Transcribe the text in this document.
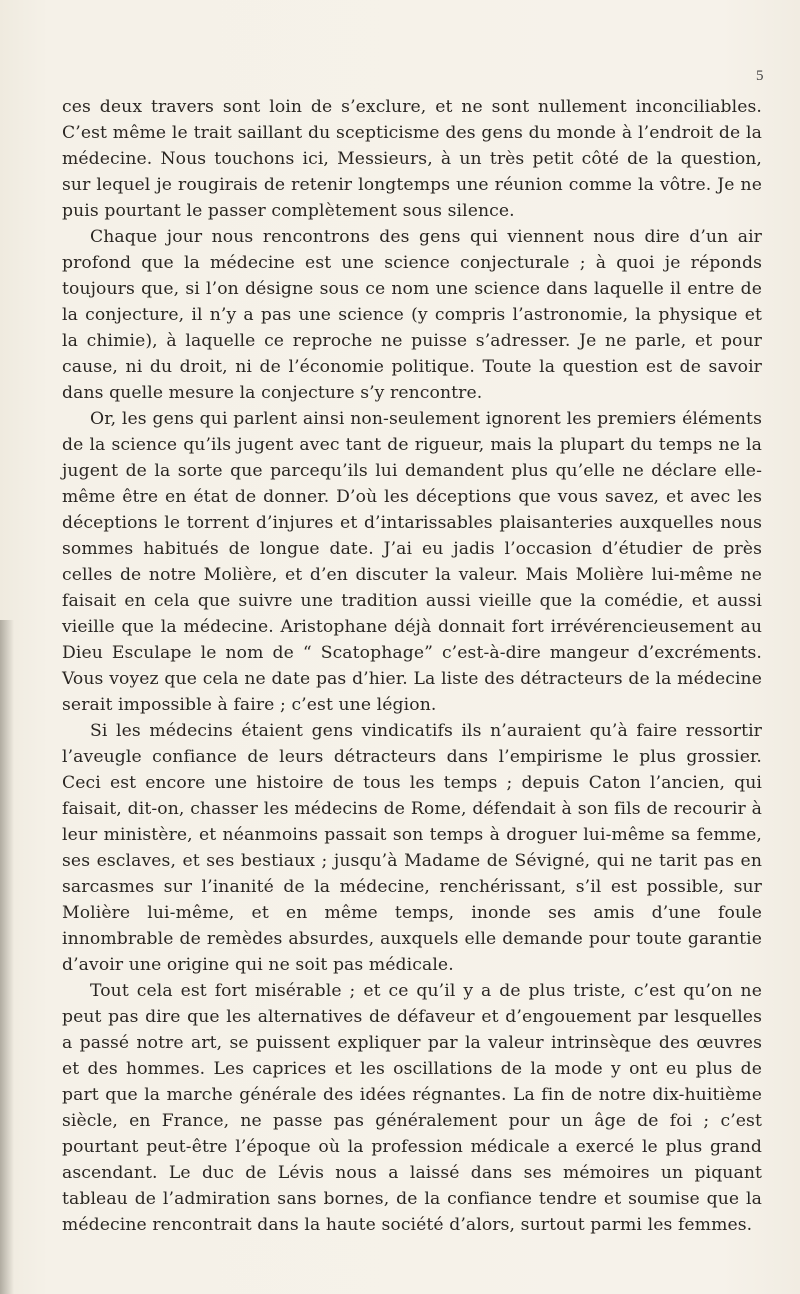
5

ces deux travers sont loin de s’exclure, et ne sont nullement inconciliables. C’est même le trait saillant du scepticisme des gens du monde à l’endroit de la médecine. Nous touchons ici, Messieurs, à un très petit côté de la question, sur lequel je rougirais de retenir longtemps une réunion comme la vôtre. Je ne puis pourtant le passer complètement sous silence.

Chaque jour nous rencontrons des gens qui viennent nous dire d’un air profond que la médecine est une science conjecturale ; à quoi je réponds toujours que, si l’on désigne sous ce nom une science dans laquelle il entre de la conjecture, il n’y a pas une science (y compris l’astronomie, la physique et la chimie), à laquelle ce reproche ne puisse s’adresser. Je ne parle, et pour cause, ni du droit, ni de l’économie politique. Toute la question est de savoir dans quelle mesure la conjecture s’y rencontre.

Or, les gens qui parlent ainsi non-seulement ignorent les premiers éléments de la science qu’ils jugent avec tant de rigueur, mais la plupart du temps ne la jugent de la sorte que parcequ’ils lui demandent plus qu’elle ne déclare elle-même être en état de donner. D’où les déceptions que vous savez, et avec les déceptions le torrent d’injures et d’intarissables plaisanteries auxquelles nous sommes habitués de longue date. J’ai eu jadis l’occasion d’étudier de près celles de notre Molière, et d’en discuter la valeur. Mais Molière lui-même ne faisait en cela que suivre une tradition aussi vieille que la comédie, et aussi vieille que la médecine. Aristophane déjà donnait fort irrévérencieusement au Dieu Esculape le nom de “ Scatophage” c’est-à-dire mangeur d’excréments. Vous voyez que cela ne date pas d’hier. La liste des détracteurs de la médecine serait impossible à faire ; c’est une légion.

Si les médecins étaient gens vindicatifs ils n’auraient qu’à faire ressortir l’aveugle confiance de leurs détracteurs dans l’empirisme le plus grossier. Ceci est encore une histoire de tous les temps ; depuis Caton l’ancien, qui faisait, dit-on, chasser les médecins de Rome, défendait à son fils de recourir à leur ministère, et néanmoins passait son temps à droguer lui-même sa femme, ses esclaves, et ses bestiaux ; jusqu’à Madame de Sévigné, qui ne tarit pas en sarcasmes sur l’inanité de la médecine, renchérissant, s’il est possible, sur Molière lui-même, et en même temps, inonde ses amis d’une foule innombrable de remèdes absurdes, auxquels elle demande pour toute garantie d’avoir une origine qui ne soit pas médicale.

Tout cela est fort misérable ; et ce qu’il y a de plus triste, c’est qu’on ne peut pas dire que les alternatives de défaveur et d’engouement par lesquelles a passé notre art, se puissent expliquer par la valeur intrinsèque des œuvres et des hommes. Les caprices et les oscillations de la mode y ont eu plus de part que la marche générale des idées régnantes. La fin de notre dix-huitième siècle, en France, ne passe pas généralement pour un âge de foi ; c’est pourtant peut-être l’époque où la profession médicale a exercé le plus grand ascendant. Le duc de Lévis nous a laissé dans ses mémoires un piquant tableau de l’admiration sans bornes, de la confiance tendre et soumise que la médecine rencontrait dans la haute société d’alors, surtout parmi les femmes.
